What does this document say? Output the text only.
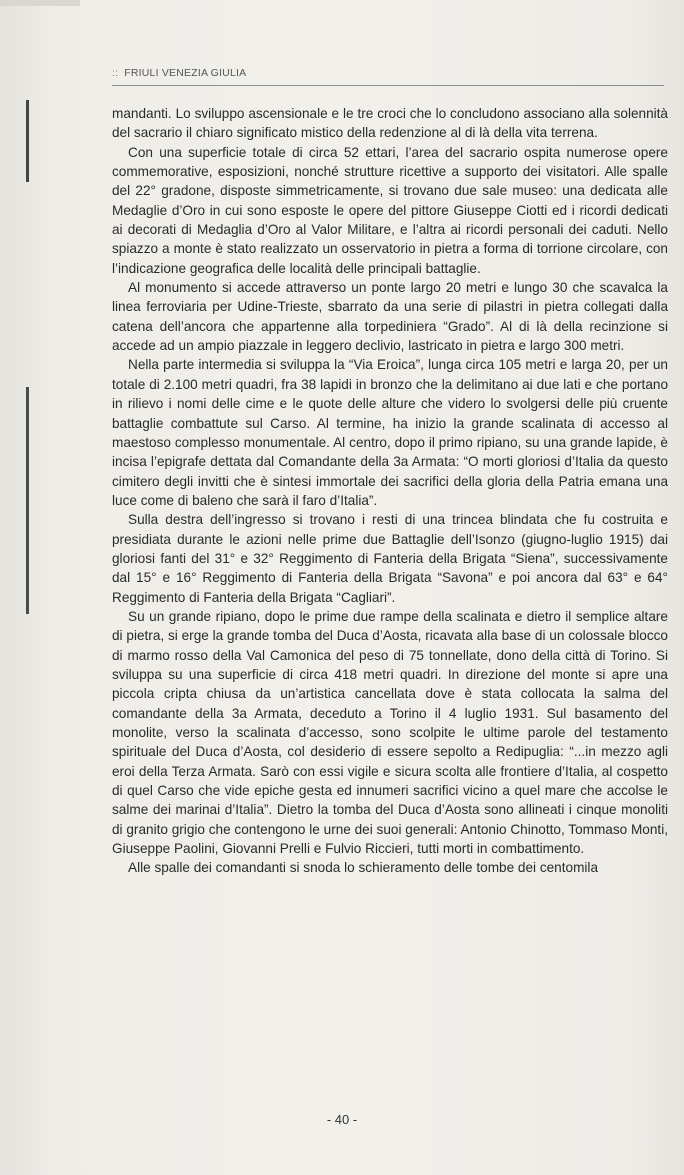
:: FRIULI VENEZIA GIULIA

mandanti. Lo sviluppo ascensionale e le tre croci che lo concludono associano alla solennità del sacrario il chiaro significato mistico della redenzione al di là della vita terrena.

Con una superficie totale di circa 52 ettari, l’area del sacrario ospita numerose opere commemorative, esposizioni, nonché strutture ricettive a supporto dei visitatori. Alle spalle del 22° gradone, disposte simmetricamente, si trovano due sale museo: una dedicata alle Medaglie d’Oro in cui sono esposte le opere del pittore Giuseppe Ciotti ed i ricordi dedicati ai decorati di Medaglia d’Oro al Valor Militare, e l’altra ai ricordi personali dei caduti. Nello spiazzo a monte è stato realizzato un osservatorio in pietra a forma di torrione circolare, con l’indicazione geografica delle località delle principali battaglie.

Al monumento si accede attraverso un ponte largo 20 metri e lungo 30 che scavalca la linea ferroviaria per Udine-Trieste, sbarrato da una serie di pilastri in pietra collegati dalla catena dell’ancora che appartenne alla torpediniera “Grado”. Al di là della recinzione si accede ad un ampio piazzale in leggero declivio, lastricato in pietra e largo 300 metri.

Nella parte intermedia si sviluppa la “Via Eroica”, lunga circa 105 metri e larga 20, per un totale di 2.100 metri quadri, fra 38 lapidi in bronzo che la delimitano ai due lati e che portano in rilievo i nomi delle cime e le quote delle alture che videro lo svolgersi delle più cruente battaglie combattute sul Carso. Al termine, ha inizio la grande scalinata di accesso al maestoso complesso monumentale. Al centro, dopo il primo ripiano, su una grande lapide, è incisa l’epigrafe dettata dal Comandante della 3a Armata: “O morti gloriosi d’Italia da questo cimitero degli invitti che è sintesi immortale dei sacrifici della gloria della Patria emana una luce come di baleno che sarà il faro d’Italia”.

Sulla destra dell’ingresso si trovano i resti di una trincea blindata che fu costruita e presidiata durante le azioni nelle prime due Battaglie dell’Isonzo (giugno-luglio 1915) dai gloriosi fanti del 31° e 32° Reggimento di Fanteria della Brigata “Siena”, successivamente dal 15° e 16° Reggimento di Fanteria della Brigata “Savona” e poi ancora dal 63° e 64° Reggimento di Fanteria della Brigata “Cagliari”.

Su un grande ripiano, dopo le prime due rampe della scalinata e dietro il semplice altare di pietra, si erge la grande tomba del Duca d’Aosta, ricavata alla base di un colossale blocco di marmo rosso della Val Camonica del peso di 75 tonnellate, dono della città di Torino. Si sviluppa su una superficie di circa 418 metri quadri. In direzione del monte si apre una piccola cripta chiusa da un’artistica cancellata dove è stata collocata la salma del comandante della 3a Armata, deceduto a Torino il 4 luglio 1931. Sul basamento del monolite, verso la scalinata d’accesso, sono scolpite le ultime parole del testamento spirituale del Duca d’Aosta, col desiderio di essere sepolto a Redipuglia: “...in mezzo agli eroi della Terza Armata. Sarò con essi vigile e sicura scolta alle frontiere d’Italia, al cospetto di quel Carso che vide epiche gesta ed innumeri sacrifici vicino a quel mare che accolse le salme dei marinai d’Italia”. Dietro la tomba del Duca d’Aosta sono allineati i cinque monoliti di granito grigio che contengono le urne dei suoi generali: Antonio Chinotto, Tommaso Monti, Giuseppe Paolini, Giovanni Prelli e Fulvio Riccieri, tutti morti in combattimento.

Alle spalle dei comandanti si snoda lo schieramento delle tombe dei centomila

- 40 -
